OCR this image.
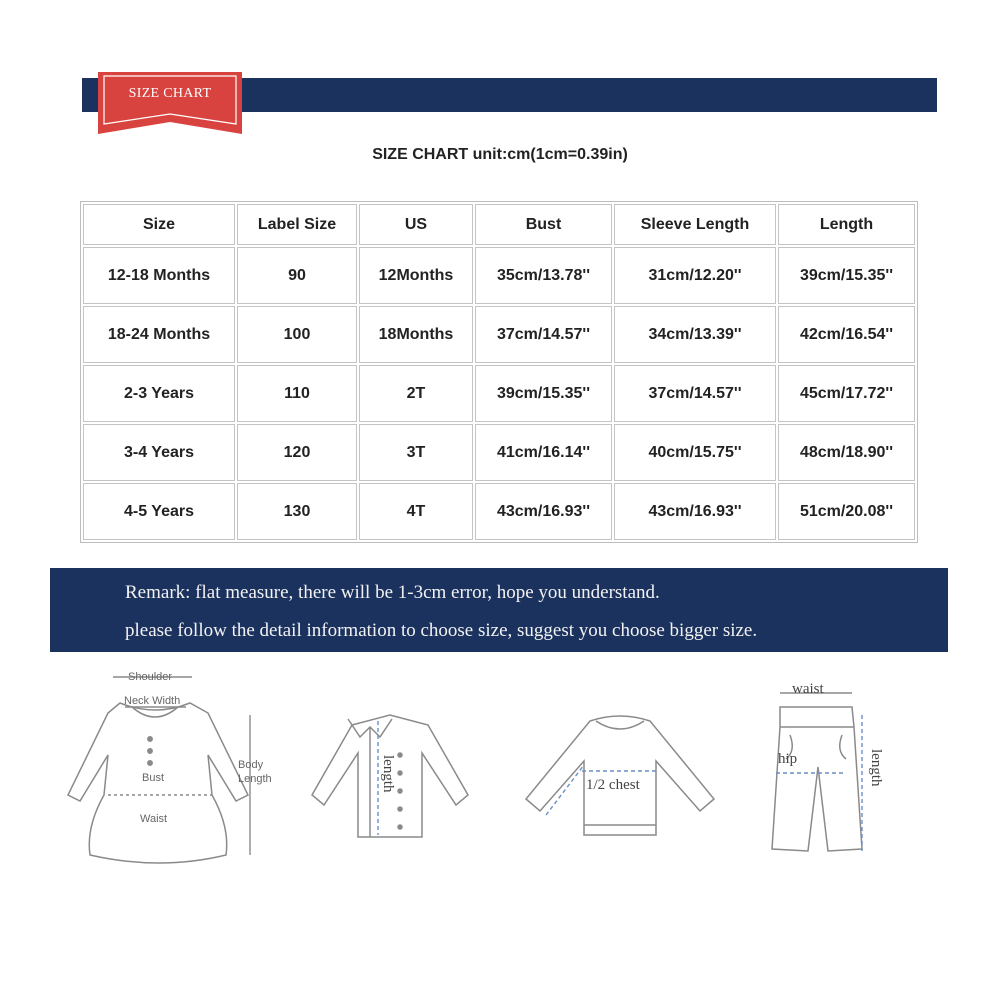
SIZE CHART
SIZE CHART unit:cm(1cm=0.39in)
Size	Label Size	US	Bust	Sleeve Length	Length
12-18 Months	90	12Months	35cm/13.78''	31cm/12.20''	39cm/15.35''
18-24 Months	100	18Months	37cm/14.57''	34cm/13.39''	42cm/16.54''
2-3 Years	110	2T	39cm/15.35''	37cm/14.57''	45cm/17.72''
3-4 Years	120	3T	41cm/16.14''	40cm/15.75''	48cm/18.90''
4-5 Years	130	4T	43cm/16.93''	43cm/16.93''	51cm/20.08''
Remark: flat measure, there will be 1-3cm error, hope you understand.
please follow the detail information to choose size, suggest you choose bigger size.
Shoulder
Neck Width
Bust
Waist
Body
Length	length	1/2 chest
waist
hip	length
